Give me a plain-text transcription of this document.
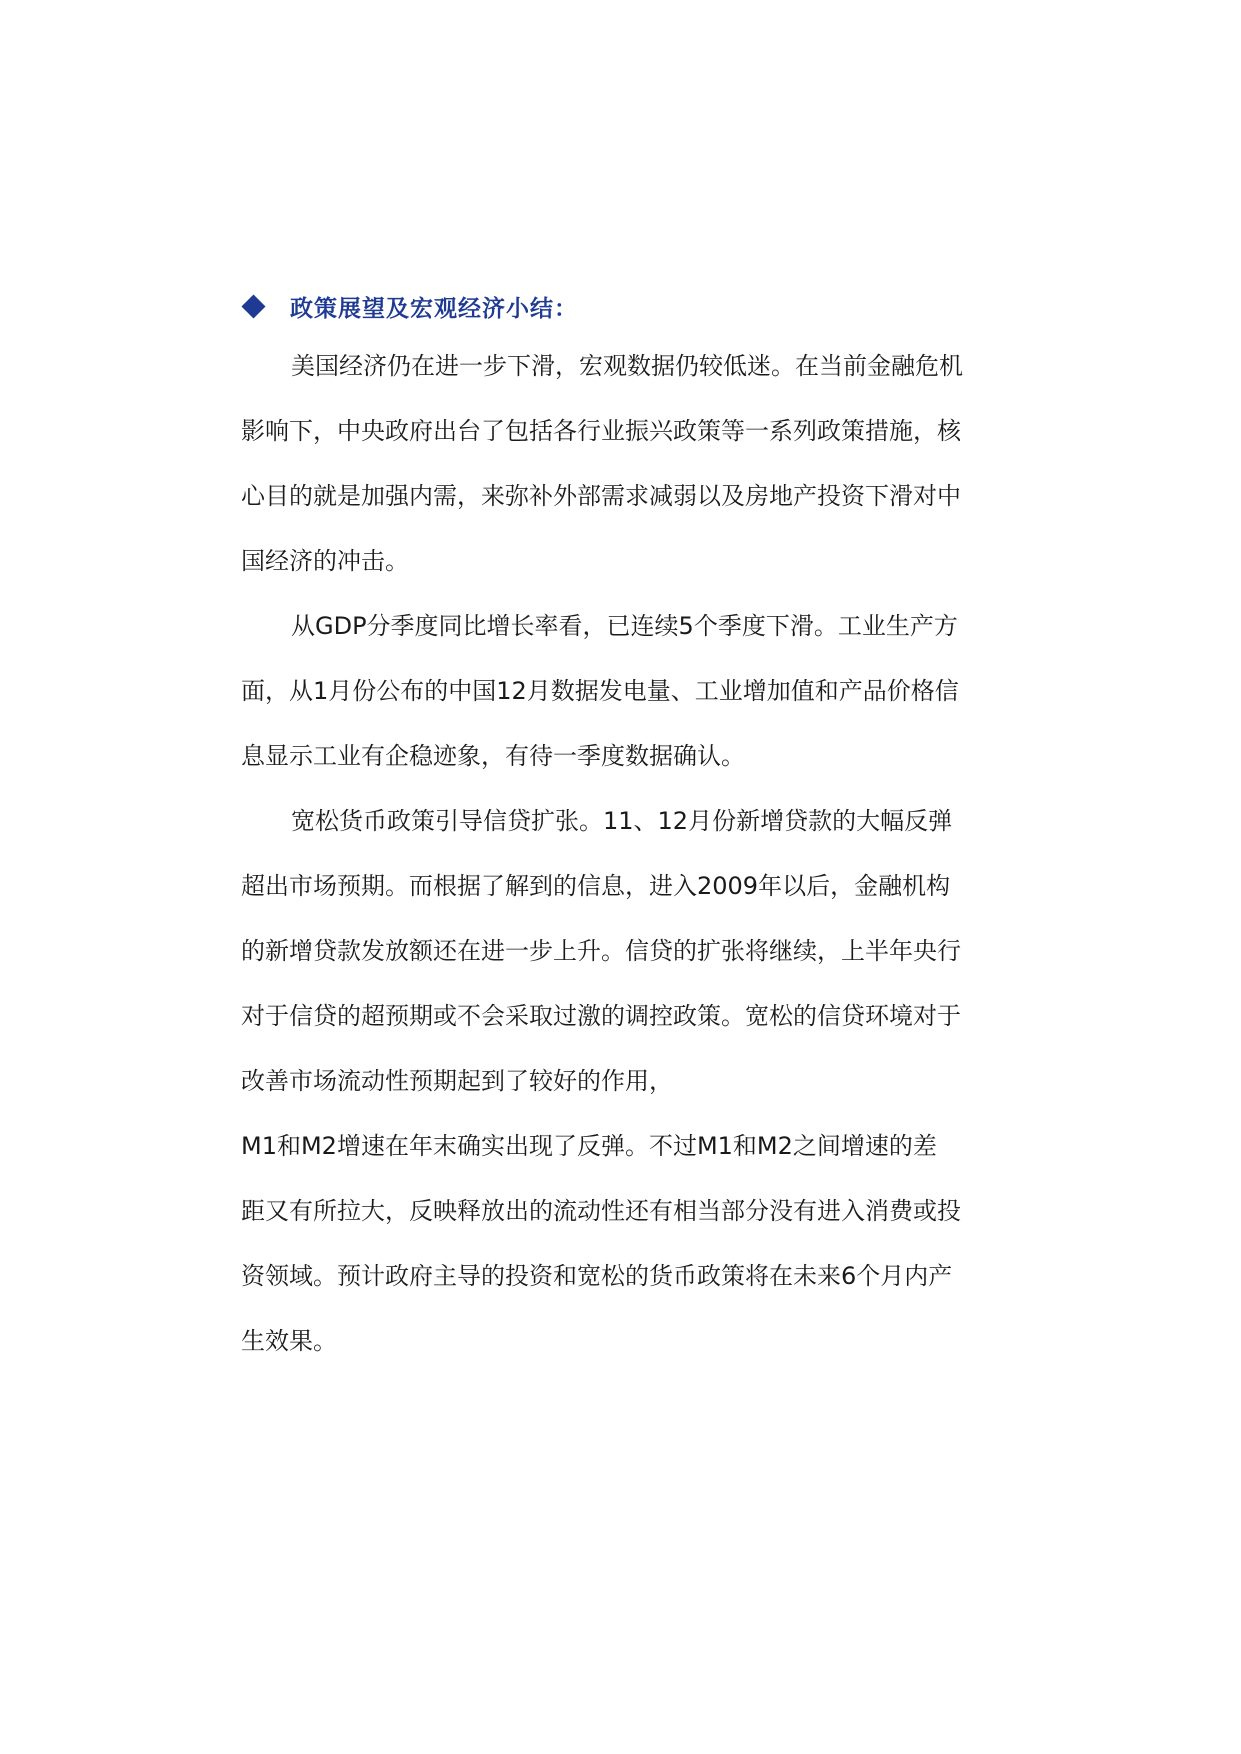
政策展望及宏观经济小结：
美国经济仍在进一步下滑，宏观数据仍较低迷。在当前金融危机
影响下，中央政府出台了包括各行业振兴政策等一系列政策措施，核
心目的就是加强内需，来弥补外部需求减弱以及房地产投资下滑对中
国经济的冲击。
从GDP分季度同比增长率看，已连续5个季度下滑。工业生产方
面，从1月份公布的中国12月数据发电量、工业增加值和产品价格信
息显示工业有企稳迹象，有待一季度数据确认。
宽松货币政策引导信贷扩张。11、12月份新增贷款的大幅反弹
超出市场预期。而根据了解到的信息，进入2009年以后，金融机构
的新增贷款发放额还在进一步上升。信贷的扩张将继续，上半年央行
对于信贷的超预期或不会采取过激的调控政策。宽松的信贷环境对于
改善市场流动性预期起到了较好的作用，
M1和M2增速在年末确实出现了反弹。不过M1和M2之间增速的差
距又有所拉大，反映释放出的流动性还有相当部分没有进入消费或投
资领域。预计政府主导的投资和宽松的货币政策将在未来6个月内产
生效果。
